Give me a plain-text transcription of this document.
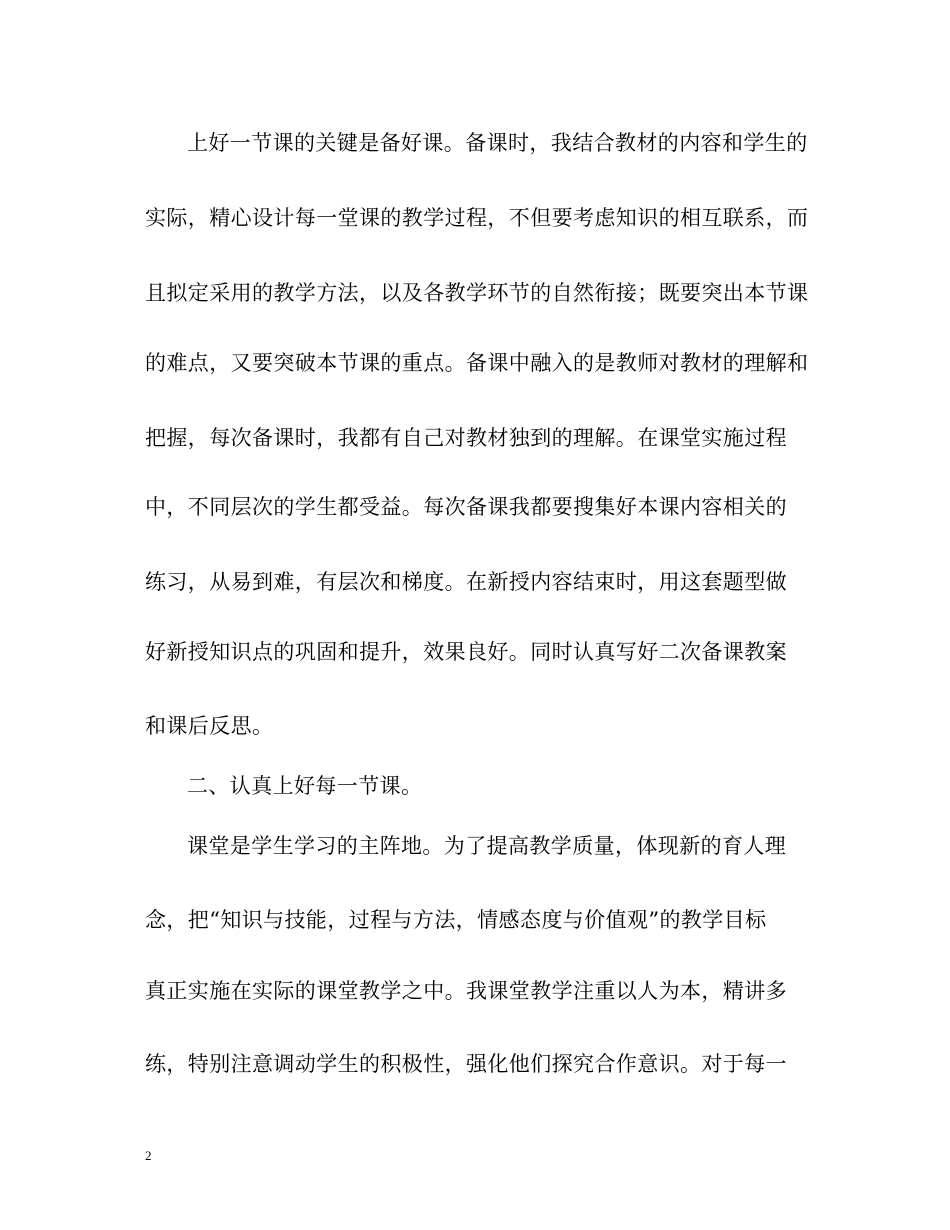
上好一节课的关键是备好课。备课时，我结合教材的内容和学生的
实际，精心设计每一堂课的教学过程，不但要考虑知识的相互联系，而
且拟定采用的教学方法，以及各教学环节的自然衔接；既要突出本节课
的难点，又要突破本节课的重点。备课中融入的是教师对教材的理解和
把握，每次备课时，我都有自己对教材独到的理解。在课堂实施过程
中，不同层次的学生都受益。每次备课我都要搜集好本课内容相关的
练习，从易到难，有层次和梯度。在新授内容结束时，用这套题型做
好新授知识点的巩固和提升，效果良好。同时认真写好二次备课教案
和课后反思。
二、认真上好每一节课。
课堂是学生学习的主阵地。为了提高教学质量，体现新的育人理
念，把“知识与技能，过程与方法，情感态度与价值观”的教学目标
真正实施在实际的课堂教学之中。我课堂教学注重以人为本，精讲多
练，特别注意调动学生的积极性，强化他们探究合作意识。对于每一
2
